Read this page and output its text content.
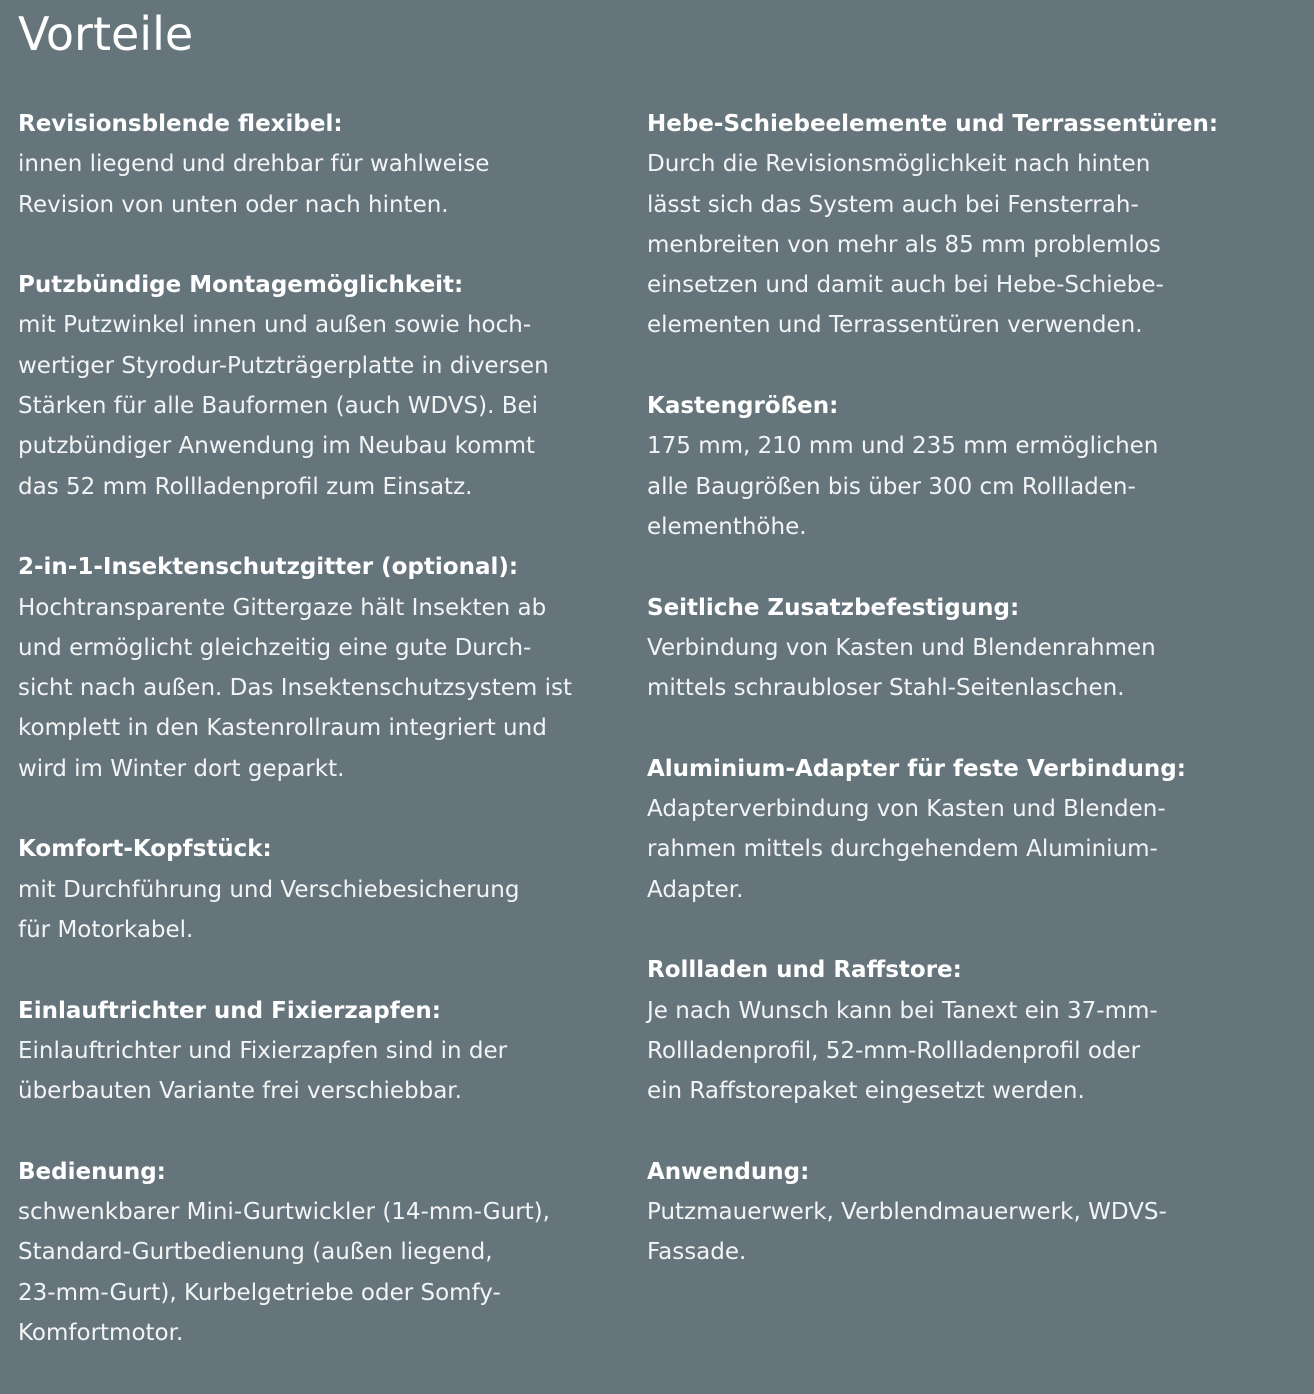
Vorteile
Revisionsblende flexibel:
innen liegend und drehbar für wahlweise
Revision von unten oder nach hinten.
Putzbündige Montagemöglichkeit:
mit Putzwinkel innen und außen sowie hoch-
wertiger Styrodur-Putzträgerplatte in diversen
Stärken für alle Bauformen (auch WDVS). Bei
putzbündiger Anwendung im Neubau kommt
das 52 mm Rollladenprofil zum Einsatz.
2-in-1-Insektenschutzgitter (optional):
Hochtransparente Gittergaze hält Insekten ab
und ermöglicht gleichzeitig eine gute Durch-
sicht nach außen. Das Insektenschutzsystem ist
komplett in den Kastenrollraum integriert und
wird im Winter dort geparkt.
Komfort-Kopfstück:
mit Durchführung und Verschiebesicherung
für Motorkabel.
Einlauftrichter und Fixierzapfen:
Einlauftrichter und Fixierzapfen sind in der
überbauten Variante frei verschiebbar.
Bedienung:
schwenkbarer Mini-Gurtwickler (14-mm-Gurt),
Standard-Gurtbedienung (außen liegend,
23-mm-Gurt), Kurbelgetriebe oder Somfy-
Komfortmotor.
Hebe-Schiebeelemente und Terrassentüren:
Durch die Revisionsmöglichkeit nach hinten
lässt sich das System auch bei Fensterrah-
menbreiten von mehr als 85 mm problemlos
einsetzen und damit auch bei Hebe-Schiebe-
elementen und Terrassentüren verwenden.
Kastengrößen:
175 mm, 210 mm und 235 mm ermöglichen
alle Baugrößen bis über 300 cm Rollladen-
elementhöhe.
Seitliche Zusatzbefestigung:
Verbindung von Kasten und Blendenrahmen
mittels schraubloser Stahl-Seitenlaschen.
Aluminium-Adapter für feste Verbindung:
Adapterverbindung von Kasten und Blenden-
rahmen mittels durchgehendem Aluminium-
Adapter.
Rollladen und Raffstore:
Je nach Wunsch kann bei Tanext ein 37-mm-
Rollladenprofil, 52-mm-Rollladenprofil oder
ein Raffstorepaket eingesetzt werden.
Anwendung:
Putzmauerwerk, Verblendmauerwerk, WDVS-
Fassade.
